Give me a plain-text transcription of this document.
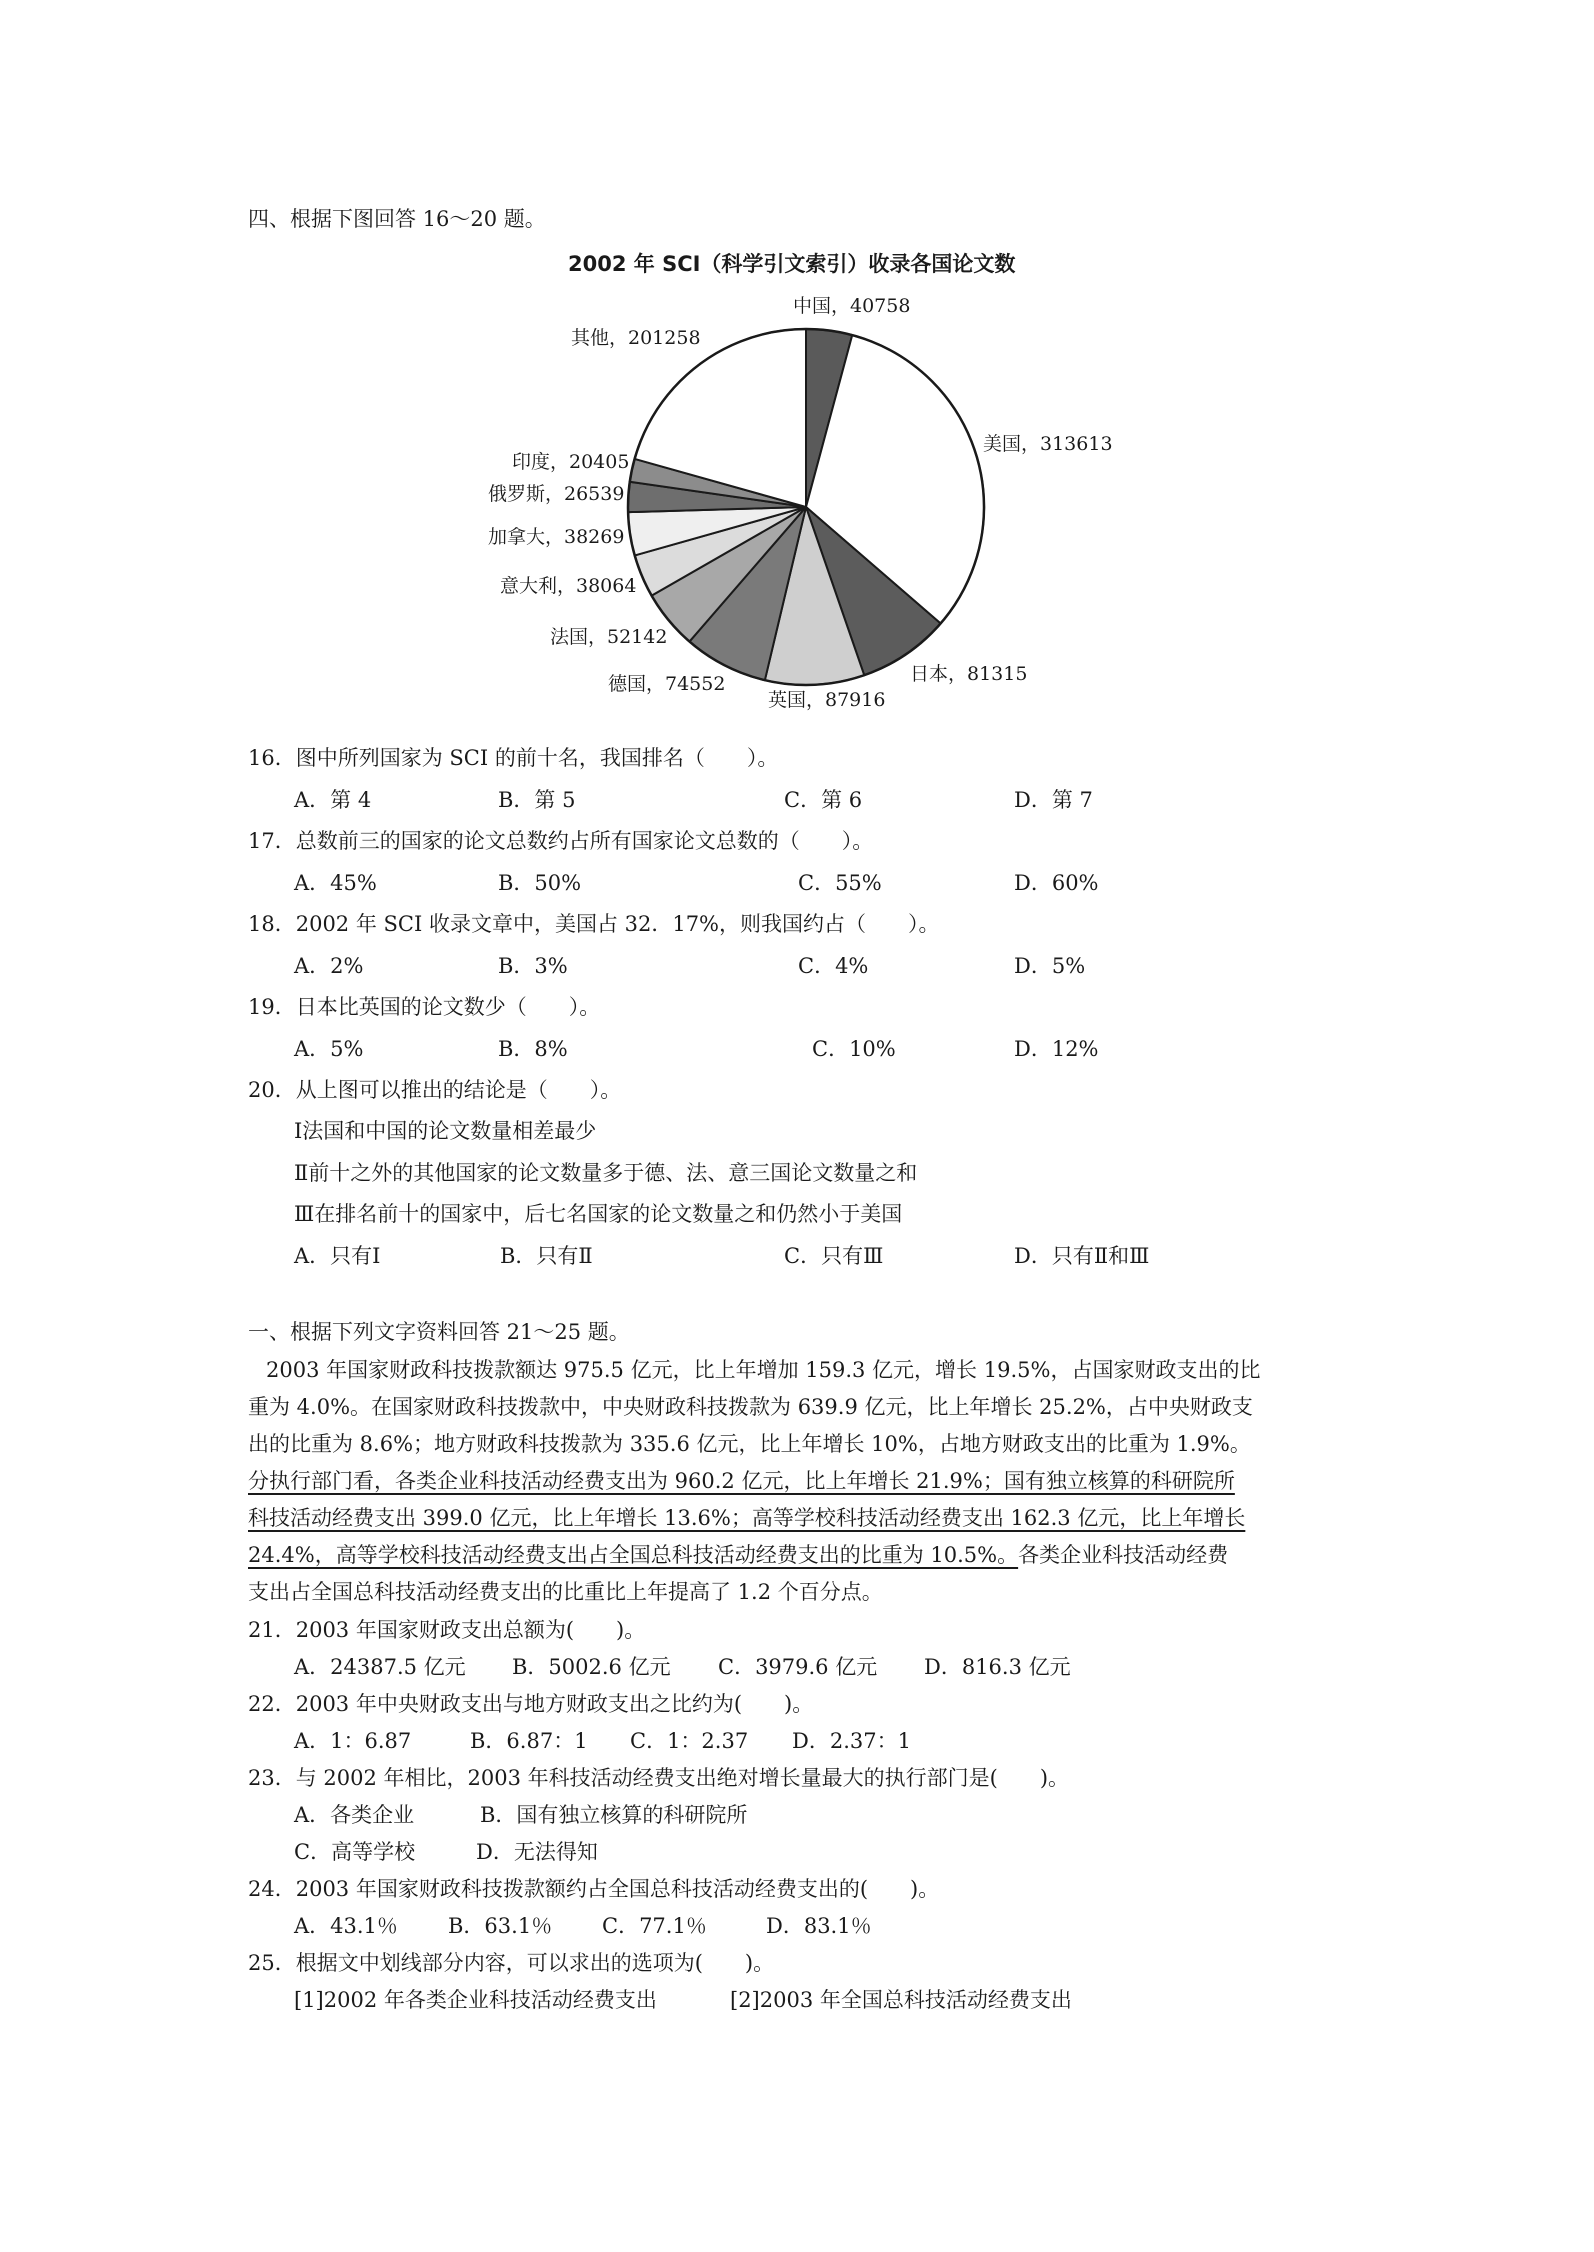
四、根据下图回答 16～20 题。
2002 年 SCI（科学引文索引）收录各国论文数
中国，40758
美国，313613
日本，81315
英国，87916
德国，74552
法国，52142
意大利，38064
加拿大，38269
俄罗斯，26539
印度，20405
其他，201258
16．图中所列国家为 SCI 的前十名，我国排名（　　）。
A．第 4	B．第 5	C．第 6	D．第 7
17．总数前三的国家的论文总数约占所有国家论文总数的（　　）。
A．45%	B．50%	C．55%	D．60%
18．2002 年 SCI 收录文章中，美国占 32．17%，则我国约占（　　）。
A．2%	B．3%	C．4%	D．5%
19．日本比英国的论文数少（　　）。
A．5%	B．8%	C．10%	D．12%
20．从上图可以推出的结论是（　　）。
Ⅰ法国和中国的论文数量相差最少
Ⅱ前十之外的其他国家的论文数量多于德、法、意三国论文数量之和
Ⅲ在排名前十的国家中，后七名国家的论文数量之和仍然小于美国
A．只有Ⅰ	B．只有Ⅱ	C．只有Ⅲ	D．只有Ⅱ和Ⅲ
一、根据下列文字资料回答 21～25 题。
2003 年国家财政科技拨款额达 975.5 亿元，比上年增加 159.3 亿元，增长 19.5%，占国家财政支出的比
重为 4.0%。在国家财政科技拨款中，中央财政科技拨款为 639.9 亿元，比上年增长 25.2%，占中央财政支
出的比重为 8.6%；地方财政科技拨款为 335.6 亿元，比上年增长 10%，占地方财政支出的比重为 1.9%。
分执行部门看，各类企业科技活动经费支出为 960.2 亿元，比上年增长 21.9%；国有独立核算的科研院所
科技活动经费支出 399.0 亿元，比上年增长 13.6%；高等学校科技活动经费支出 162.3 亿元，比上年增长
24.4%，高等学校科技活动经费支出占全国总科技活动经费支出的比重为 10.5%。各类企业科技活动经费
支出占全国总科技活动经费支出的比重比上年提高了 1.2 个百分点。
21．2003 年国家财政支出总额为(　　)。
A．24387.5 亿元 B．5002.6 亿元 C．3979.6 亿元 D．816.3 亿元
22．2003 年中央财政支出与地方财政支出之比约为(　　)。
A．1：6.87	B．6.87：1 C．1：2.37 D．2.37：1
23．与 2002 年相比，2003 年科技活动经费支出绝对增长量最大的执行部门是(　　)。
A．各类企业	B．国有独立核算的科研院所
C．高等学校	D．无法得知
24．2003 年国家财政科技拨款额约占全国总科技活动经费支出的(　　)。
A．43.1％ B．63.1％ C．77.1％	D．83.1％
25．根据文中划线部分内容，可以求出的选项为(　　)。
[1]2002 年各类企业科技活动经费支出	[2]2003 年全国总科技活动经费支出
